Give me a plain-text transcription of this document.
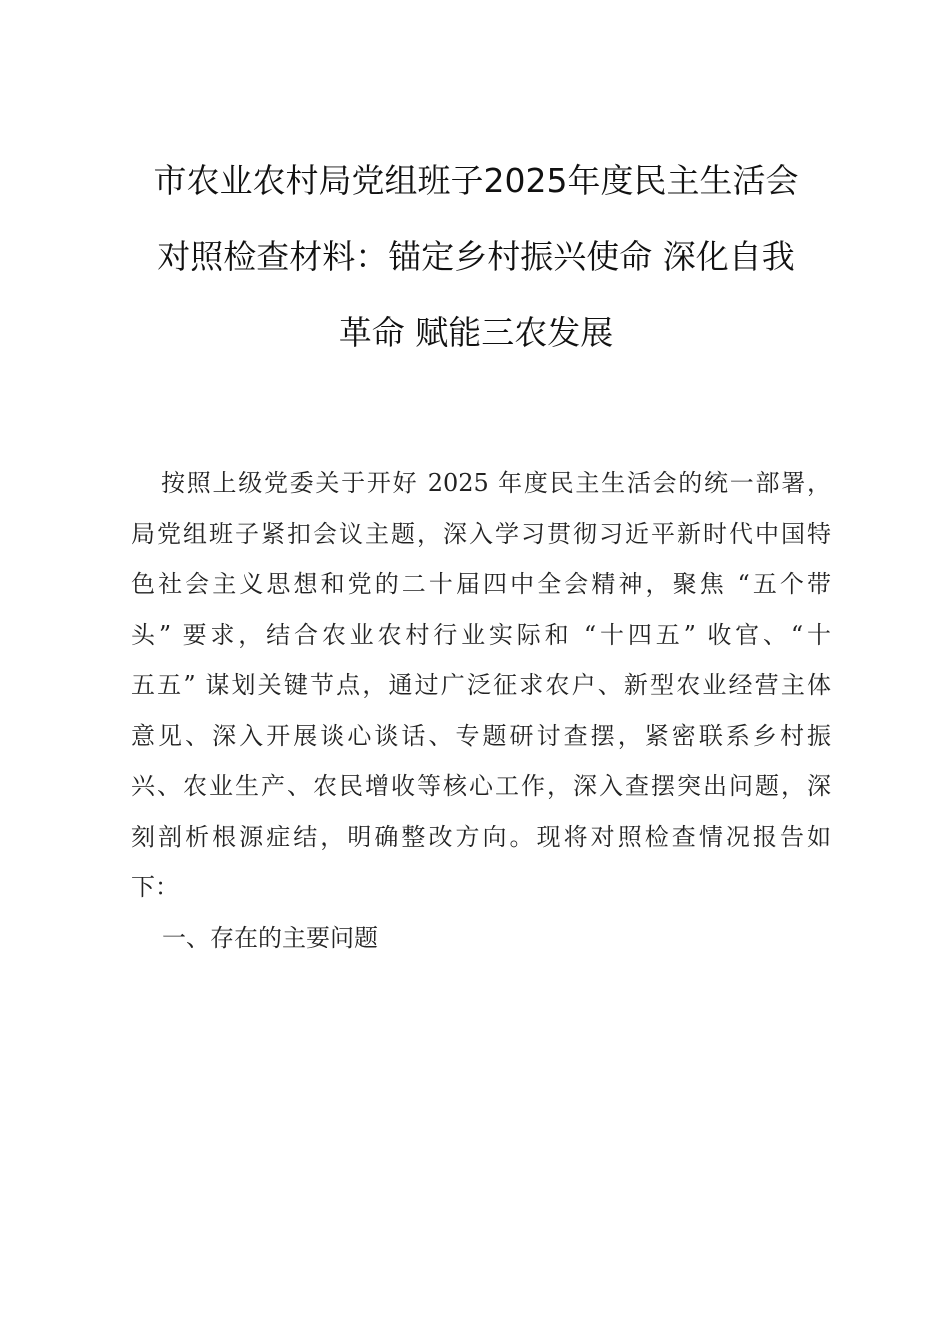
市农业农村局党组班子2025年度民主生活会
对照检查材料：锚定乡村振兴使命 深化自我
革命 赋能三农发展
按照上级党委关于开好 2025 年度民主生活会的统一部署，
局党组班子紧扣会议主题，深入学习贯彻习近平新时代中国特
色社会主义思想和党的二十届四中全会精神，聚焦 “五个带
头” 要求，结合农业农村行业实际和 “十四五” 收官、“十
五五” 谋划关键节点，通过广泛征求农户、新型农业经营主体
意见、深入开展谈心谈话、专题研讨查摆，紧密联系乡村振
兴、农业生产、农民增收等核心工作，深入查摆突出问题，深
刻剖析根源症结，明确整改方向。现将对照检查情况报告如
下：
一、存在的主要问题
